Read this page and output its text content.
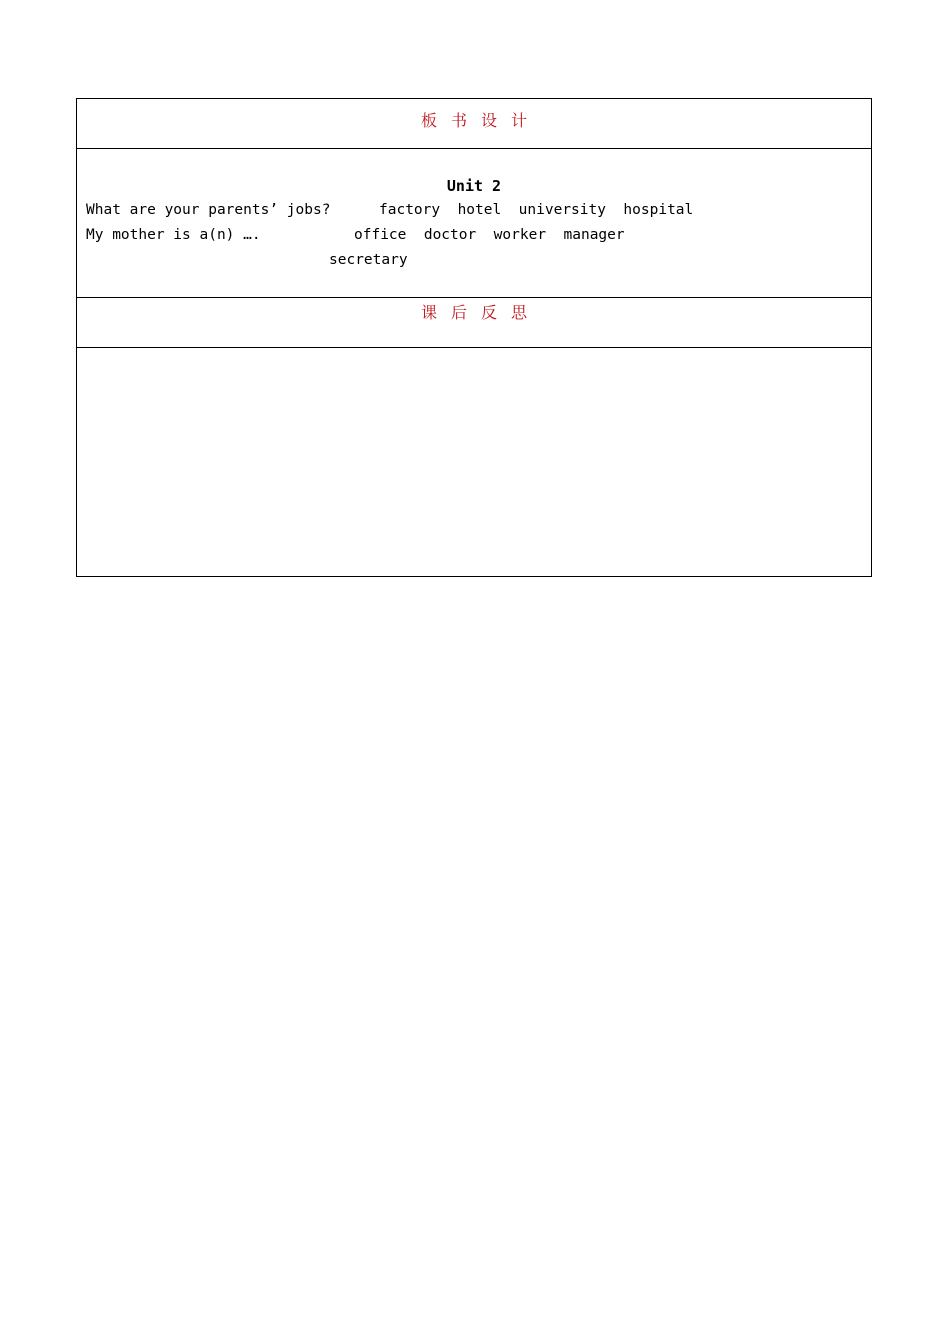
板书设计
Unit 2
What are your parents’ jobs?	factory  hotel  university  hospital
My mother is a(n) ….	office  doctor  worker  manager
secretary
课后反思
